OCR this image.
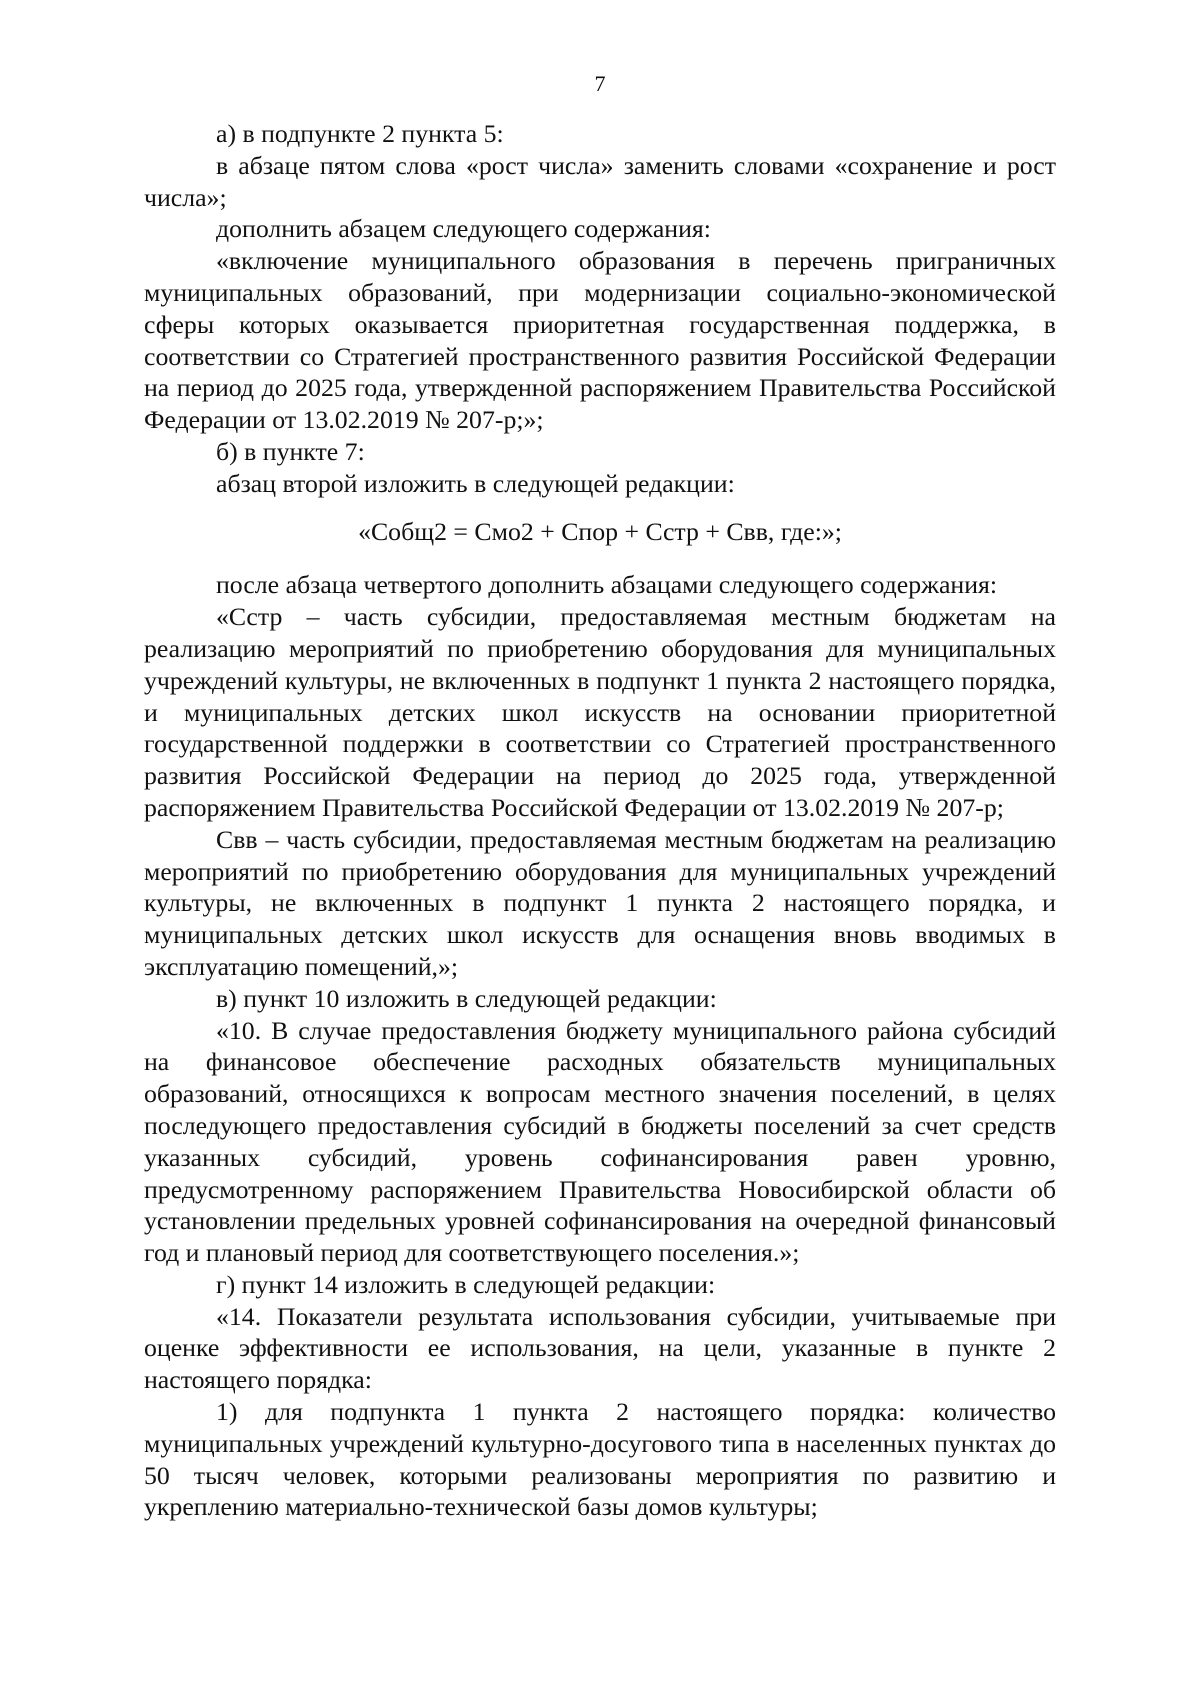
7

а) в подпункте 2 пункта 5:

в абзаце пятом слова «рост числа» заменить словами «сохранение и рост числа»;

дополнить абзацем следующего содержания:

«включение муниципального образования в перечень приграничных муниципальных образований, при модернизации социально-экономической сферы которых оказывается приоритетная государственная поддержка, в соответствии со Стратегией пространственного развития Российской Федерации на период до 2025 года, утвержденной распоряжением Правительства Российской Федерации от 13.02.2019 № 207-р;»;

б) в пункте 7:

абзац второй изложить в следующей редакции:

«Собщ2 = Смо2 + Спор + Сстр + Свв, где:»;

после абзаца четвертого дополнить абзацами следующего содержания:

«Сстр – часть субсидии, предоставляемая местным бюджетам на реализацию мероприятий по приобретению оборудования для муниципальных учреждений культуры, не включенных в подпункт 1 пункта 2 настоящего порядка, и муниципальных детских школ искусств на основании приоритетной государственной поддержки в соответствии со Стратегией пространственного развития Российской Федерации на период до 2025 года, утвержденной распоряжением Правительства Российской Федерации от 13.02.2019 № 207-р;

Свв – часть субсидии, предоставляемая местным бюджетам на реализацию мероприятий по приобретению оборудования для муниципальных учреждений культуры, не включенных в подпункт 1 пункта 2 настоящего порядка, и муниципальных детских школ искусств для оснащения вновь вводимых в эксплуатацию помещений,»;

в) пункт 10 изложить в следующей редакции:

«10. В случае предоставления бюджету муниципального района субсидий на финансовое обеспечение расходных обязательств муниципальных образований, относящихся к вопросам местного значения поселений, в целях последующего предоставления субсидий в бюджеты поселений за счет средств указанных субсидий, уровень софинансирования равен уровню, предусмотренному распоряжением Правительства Новосибирской области об установлении предельных уровней софинансирования на очередной финансовый год и плановый период для соответствующего поселения.»;

г) пункт 14 изложить в следующей редакции:

«14. Показатели результата использования субсидии, учитываемые при оценке эффективности ее использования, на цели, указанные в пункте 2 настоящего порядка:

1) для подпункта 1 пункта 2 настоящего порядка: количество муниципальных учреждений культурно-досугового типа в населенных пунктах до 50 тысяч человек, которыми реализованы мероприятия по развитию и укреплению материально-технической базы домов культуры;
